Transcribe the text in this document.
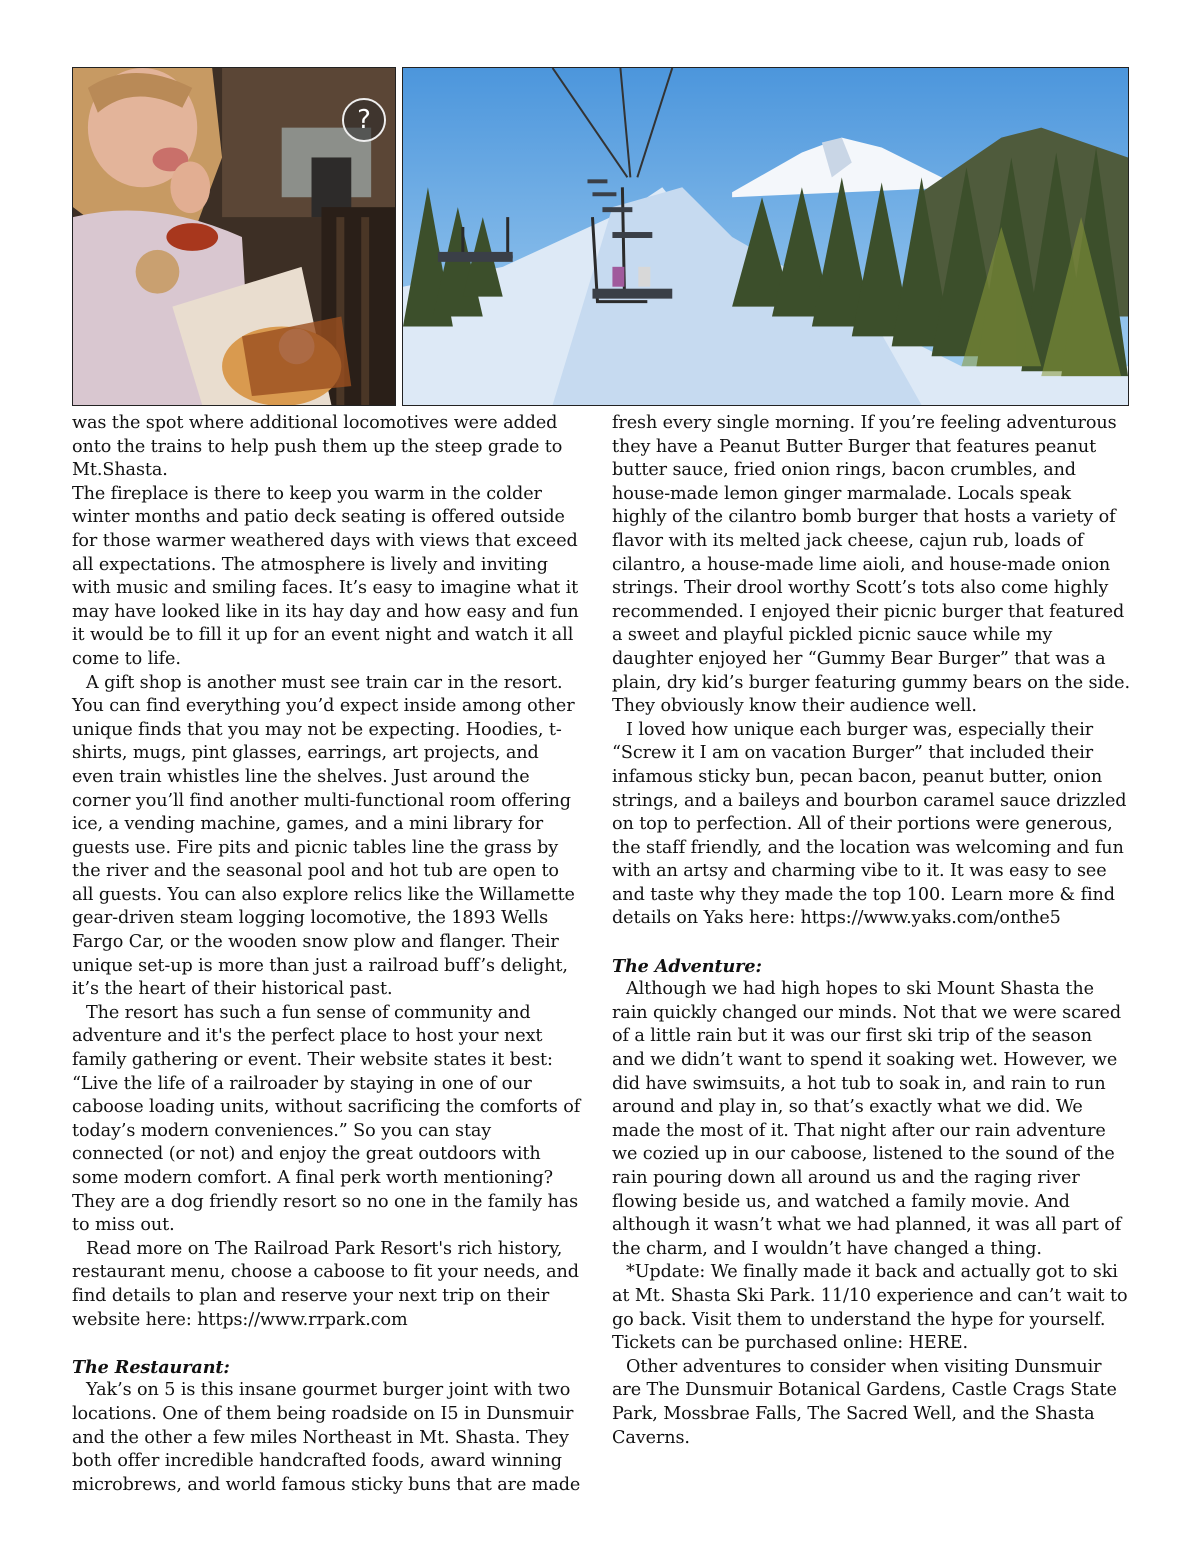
?

was the spot where additional locomotives were added onto the trains to help push them up the steep grade to Mt.Shasta.

The fireplace is there to keep you warm in the colder winter months and patio deck seating is offered outside for those warmer weathered days with views that exceed all expectations. The atmosphere is lively and inviting with music and smiling faces. It’s easy to imagine what it may have looked like in its hay day and how easy and fun it would be to fill it up for an event night and watch it all come to life.

A gift shop is another must see train car in the resort. You can find everything you’d expect inside among other unique finds that you may not be expecting. Hoodies, t-shirts, mugs, pint glasses, earrings, art projects, and even train whistles line the shelves. Just around the corner you’ll find another multi-functional room offering ice, a vending machine, games, and a mini library for guests use. Fire pits and picnic tables line the grass by the river and the seasonal pool and hot tub are open to all guests. You can also explore relics like the Willamette gear-driven steam logging locomotive, the 1893 Wells Fargo Car, or the wooden snow plow and flanger. Their unique set-up is more than just a railroad buff’s delight, it’s the heart of their historical past.

The resort has such a fun sense of community and adventure and it's the perfect place to host your next family gathering or event. Their website states it best: “Live the life of a railroader by staying in one of our caboose loading units, without sacrificing the comforts of today’s modern conveniences.” So you can stay connected (or not) and enjoy the great outdoors with some modern comfort. A final perk worth mentioning? They are a dog friendly resort so no one in the family has to miss out.

Read more on The Railroad Park Resort's rich history, restaurant menu, choose a caboose to fit your needs, and find details to plan and reserve your next trip on their website here: https://www.rrpark.com

The Restaurant:

Yak’s on 5 is this insane gourmet burger joint with two locations. One of them being roadside on I5 in Dunsmuir and the other a few miles Northeast in Mt. Shasta. They both offer incredible handcrafted foods, award winning microbrews, and world famous sticky buns that are made

fresh every single morning. If you’re feeling adventurous they have a Peanut Butter Burger that features peanut butter sauce, fried onion rings, bacon crumbles, and house-made lemon ginger marmalade. Locals speak highly of the cilantro bomb burger that hosts a variety of flavor with its melted jack cheese, cajun rub, loads of cilantro, a house-made lime aioli, and house-made onion strings. Their drool worthy Scott’s tots also come highly recommended. I enjoyed their picnic burger that featured a sweet and playful pickled picnic sauce while my daughter enjoyed her “Gummy Bear Burger” that was a plain, dry kid’s burger featuring gummy bears on the side. They obviously know their audience well.

I loved how unique each burger was, especially their “Screw it I am on vacation Burger” that included their infamous sticky bun, pecan bacon, peanut butter, onion strings, and a baileys and bourbon caramel sauce drizzled on top to perfection. All of their portions were generous, the staff friendly, and the location was welcoming and fun with an artsy and charming vibe to it. It was easy to see and taste why they made the top 100. Learn more & find details on Yaks here: https://www.yaks.com/onthe5

The Adventure:

Although we had high hopes to ski Mount Shasta the rain quickly changed our minds. Not that we were scared of a little rain but it was our first ski trip of the season and we didn’t want to spend it soaking wet. However, we did have swimsuits, a hot tub to soak in, and rain to run around and play in, so that’s exactly what we did. We made the most of it. That night after our rain adventure we cozied up in our caboose, listened to the sound of the rain pouring down all around us and the raging river flowing beside us, and watched a family movie. And although it wasn’t what we had planned, it was all part of the charm, and I wouldn’t have changed a thing.

*Update: We finally made it back and actually got to ski at Mt. Shasta Ski Park. 11/10 experience and can’t wait to go back. Visit them to understand the hype for yourself. Tickets can be purchased online: HERE.

Other adventures to consider when visiting Dunsmuir are The Dunsmuir Botanical Gardens, Castle Crags State Park, Mossbrae Falls, The Sacred Well, and the Shasta Caverns.
